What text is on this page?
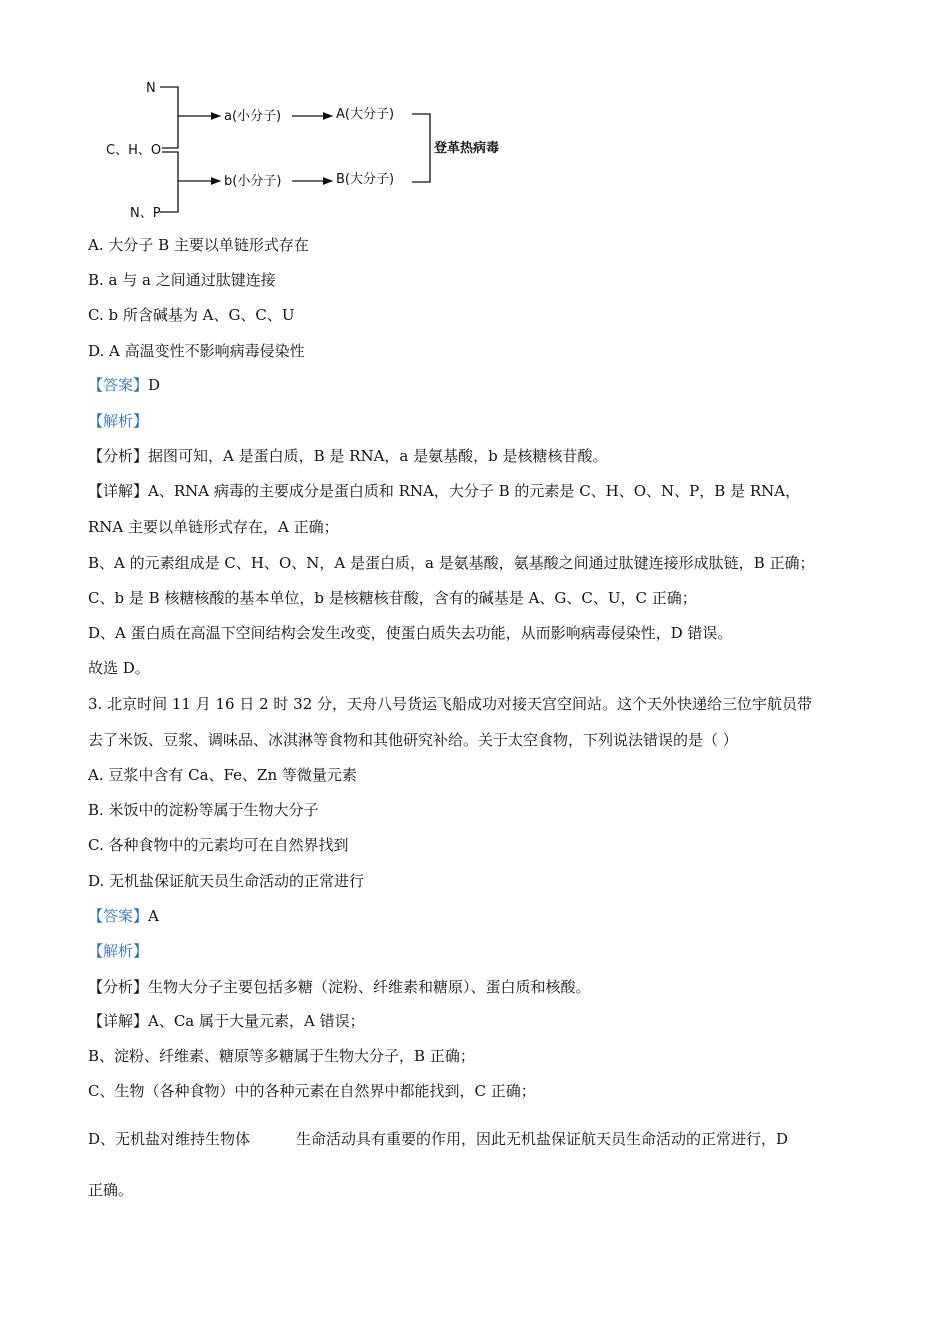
N
C、H、O
N、P
a(小分子)
b(小分子)
A(大分子)
B(大分子)
登革热病毒
A. 大分子 B 主要以单链形式存在
B. a 与 a 之间通过肽键连接
C. b 所含碱基为 A、G、C、U
D. A 高温变性不影响病毒侵染性
【答案】D
【解析】
【分析】据图可知，A 是蛋白质，B 是 RNA，a 是氨基酸，b 是核糖核苷酸。
【详解】A、RNA 病毒的主要成分是蛋白质和 RNA，大分子 B 的元素是 C、H、O、N、P，B 是 RNA，
RNA 主要以单链形式存在，A 正确；
B、A 的元素组成是 C、H、O、N，A 是蛋白质，a 是氨基酸，氨基酸之间通过肽键连接形成肽链，B 正确；
C、b 是 B 核糖核酸的基本单位，b 是核糖核苷酸，含有的碱基是 A、G、C、U，C 正确；
D、A 蛋白质在高温下空间结构会发生改变，使蛋白质失去功能，从而影响病毒侵染性，D 错误。
故选 D。
3. 北京时间 11 月 16 日 2 时 32 分，天舟八号货运飞船成功对接天宫空间站。这个天外快递给三位宇航员带
去了米饭、豆浆、调味品、冰淇淋等食物和其他研究补给。关于太空食物，下列说法错误的是（ ）
A. 豆浆中含有 Ca、Fe、Zn 等微量元素
B. 米饭中的淀粉等属于生物大分子
C. 各种食物中的元素均可在自然界找到
D. 无机盐保证航天员生命活动的正常进行
【答案】A
【解析】
【分析】生物大分子主要包括多糖（淀粉、纤维素和糖原）、蛋白质和核酸。
【详解】A、Ca 属于大量元素，A 错误；
B、淀粉、纤维素、糖原等多糖属于生物大分子，B 正确；
C、生物（各种食物）中的各种元素在自然界中都能找到，C 正确；
D、无机盐对维持生物体	生命活动具有重要的作用，因此无机盐保证航天员生命活动的正常进行，D
正确。
